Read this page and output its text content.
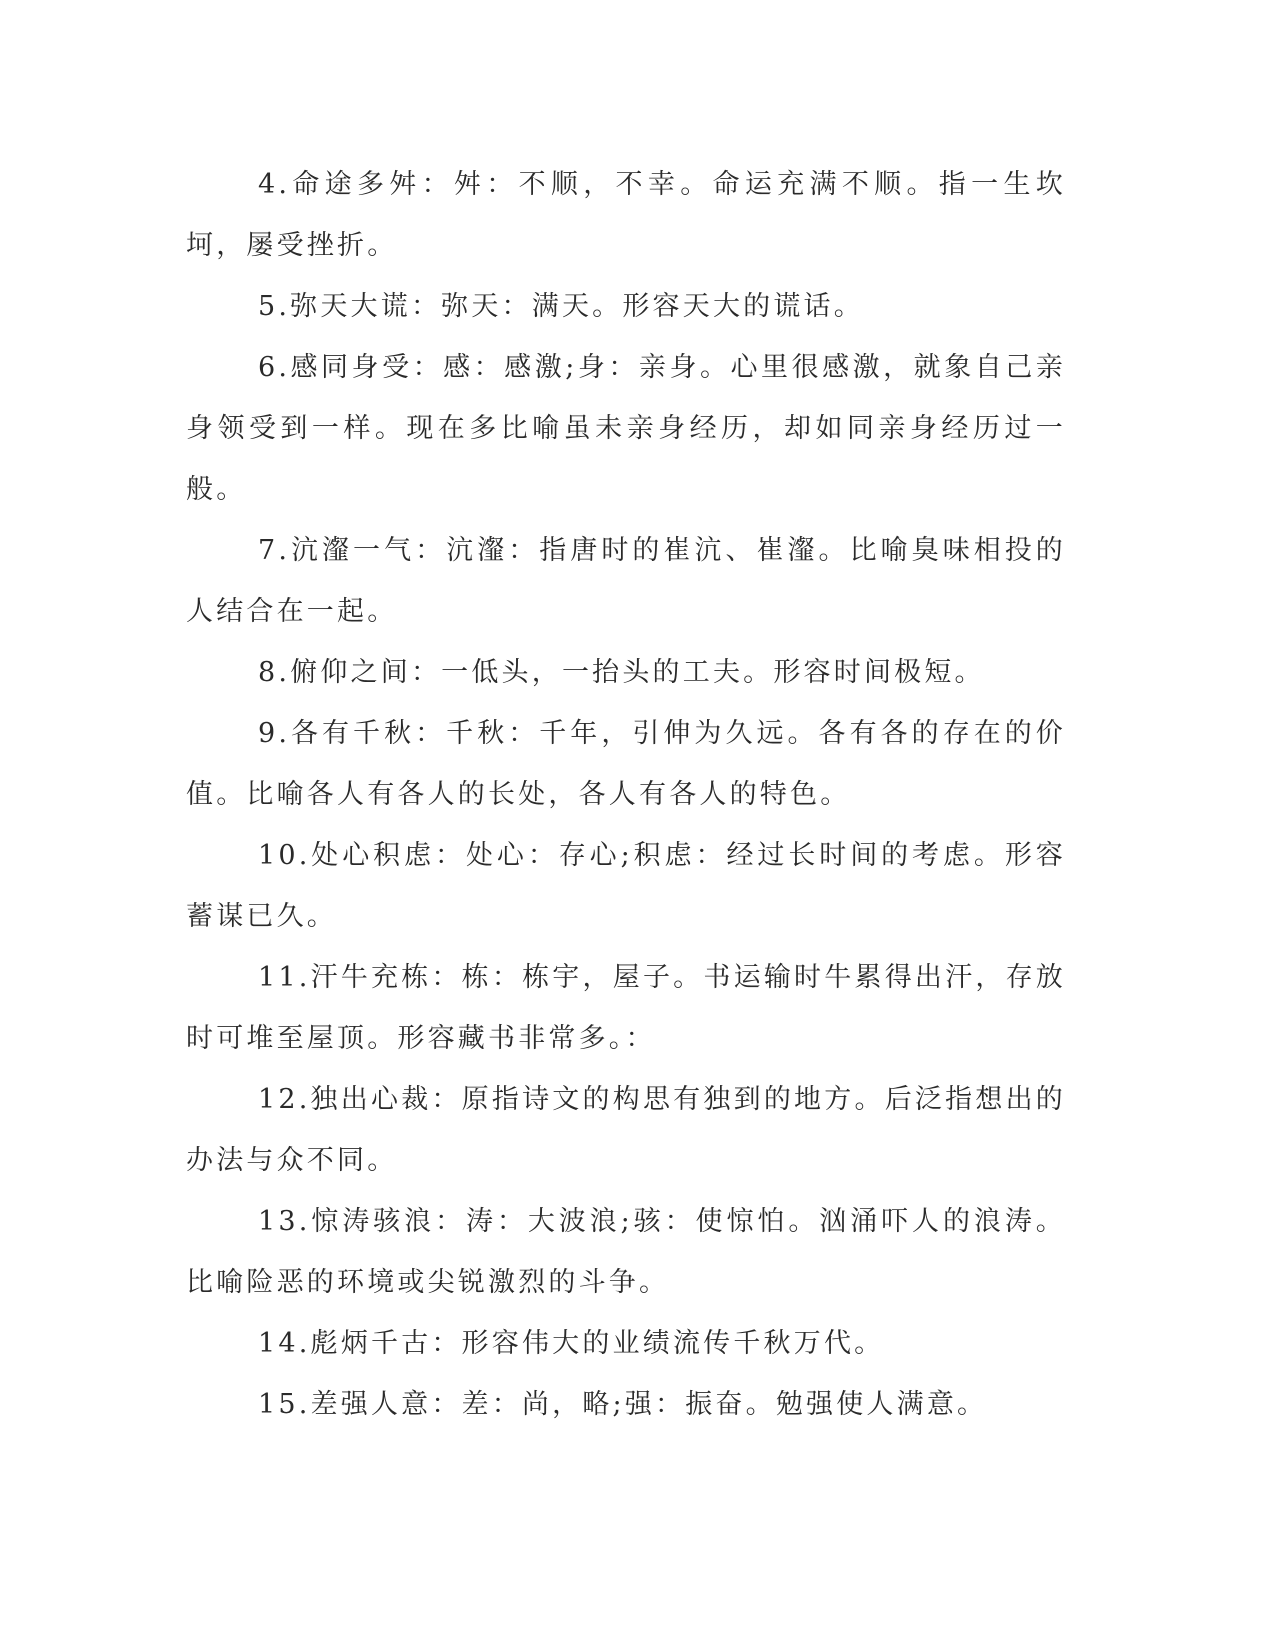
4.命途多舛：舛：不顺，不幸。命运充满不顺。指一生坎坷，屡受挫折。

5.弥天大谎：弥天：满天。形容天大的谎话。

6.感同身受：感：感激;身：亲身。心里很感激，就象自己亲身领受到一样。现在多比喻虽未亲身经历，却如同亲身经历过一般。

7.沆瀣一气：沆瀣：指唐时的崔沆、崔瀣。比喻臭味相投的人结合在一起。

8.俯仰之间：一低头，一抬头的工夫。形容时间极短。

9.各有千秋：千秋：千年，引伸为久远。各有各的存在的价值。比喻各人有各人的长处，各人有各人的特色。

10.处心积虑：处心：存心;积虑：经过长时间的考虑。形容蓄谋已久。

11.汗牛充栋：栋：栋宇，屋子。书运输时牛累得出汗，存放时可堆至屋顶。形容藏书非常多。：

12.独出心裁：原指诗文的构思有独到的地方。后泛指想出的办法与众不同。

13.惊涛骇浪：涛：大波浪;骇：使惊怕。汹涌吓人的浪涛。比喻险恶的环境或尖锐激烈的斗争。

14.彪炳千古：形容伟大的业绩流传千秋万代。

15.差强人意：差：尚，略;强：振奋。勉强使人满意。
